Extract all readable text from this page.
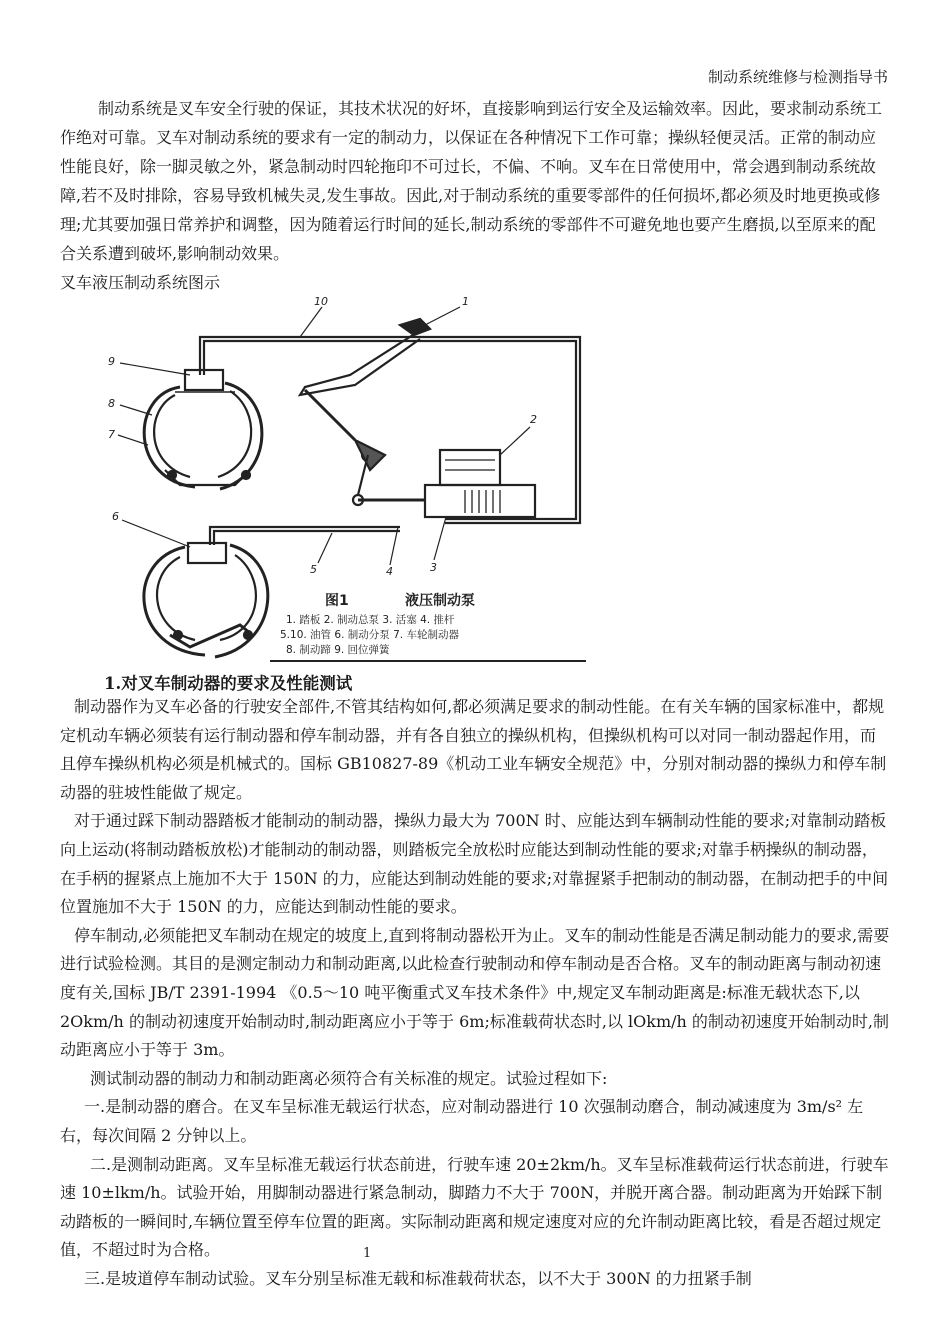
制动系统维修与检测指导书

制动系统是叉车安全行驶的保证，其技术状况的好坏，直接影响到运行安全及运输效率。因此，要求制动系统工作绝对可靠。叉车对制动系统的要求有一定的制动力，以保证在各种情况下工作可靠；操纵轻便灵活。正常的制动应性能良好，除一脚灵敏之外，紧急制动时四轮拖印不可过长，不偏、不响。叉车在日常使用中，常会遇到制动系统故障,若不及时排除，容易导致机械失灵,发生事故。因此,对于制动系统的重要零部件的任何损坏,都必须及时地更换或修理;尤其要加强日常养护和调整，因为随着运行时间的延长,制动系统的零部件不可避免地也要产生磨损,以至原来的配合关系遭到破坏,影响制动效果。

叉车液压制动系统图示
10	1
9
8
7
2
6
5	4	3
图1	液压制动泵
1. 踏板 2. 制动总泵 3. 活塞 4. 推杆
5.10. 油管 6. 制动分泵 7. 车轮制动器
8. 制动蹄 9. 回位弹簧
1.对叉车制动器的要求及性能测试

制动器作为叉车必备的行驶安全部件,不管其结构如何,都必须满足要求的制动性能。在有关车辆的国家标准中，都规定机动车辆必须装有运行制动器和停车制动器，并有各自独立的操纵机构，但操纵机构可以对同一制动器起作用，而且停车操纵机构必须是机械式的。国标 GB10827-89《机动工业车辆安全规范》中，分别对制动器的操纵力和停车制动器的驻坡性能做了规定。

对于通过踩下制动器踏板才能制动的制动器，操纵力最大为 700N 时、应能达到车辆制动性能的要求;对靠制动踏板向上运动(将制动踏板放松)才能制动的制动器，则踏板完全放松时应能达到制动性能的要求;对靠手柄操纵的制动器，在手柄的握紧点上施加不大于 150N 的力，应能达到制动姓能的要求;对靠握紧手把制动的制动器，在制动把手的中间位置施加不大于 150N 的力，应能达到制动性能的要求。

停车制动,必须能把叉车制动在规定的坡度上,直到将制动器松开为止。叉车的制动性能是否满足制动能力的要求,需要进行试验检测。其目的是测定制动力和制动距离,以此检查行驶制动和停车制动是否合格。叉车的制动距离与制动初速度有关,国标 JB/T 2391-1994 《0.5～10 吨平衡重式叉车技术条件》中,规定叉车制动距离是:标准无载状态下,以 2Okm/h 的制动初速度开始制动时,制动距离应小于等于 6m;标准载荷状态时,以 lOkm/h 的制动初速度开始制动时,制动距离应小于等于 3m。

测试制动器的制动力和制动距离必须符合有关标准的规定。试验过程如下:

一.是制动器的磨合。在叉车呈标准无载运行状态，应对制动器进行 10 次强制动磨合，制动减速度为 3m/s² 左右，每次间隔 2 分钟以上。

二.是测制动距离。叉车呈标准无载运行状态前进，行驶车速 20±2km/h。叉车呈标准载荷运行状态前进，行驶车速 10±lkm/h。试验开始，用脚制动器进行紧急制动，脚踏力不大于 700N，并脱开离合器。制动距离为开始踩下制动踏板的一瞬间时,车辆位置至停车位置的距离。实际制动距离和规定速度对应的允许制动距离比较，看是否超过规定值，不超过时为合格。

三.是坡道停车制动试验。叉车分别呈标准无载和标准载荷状态，以不大于 300N 的力扭紧手制

1
